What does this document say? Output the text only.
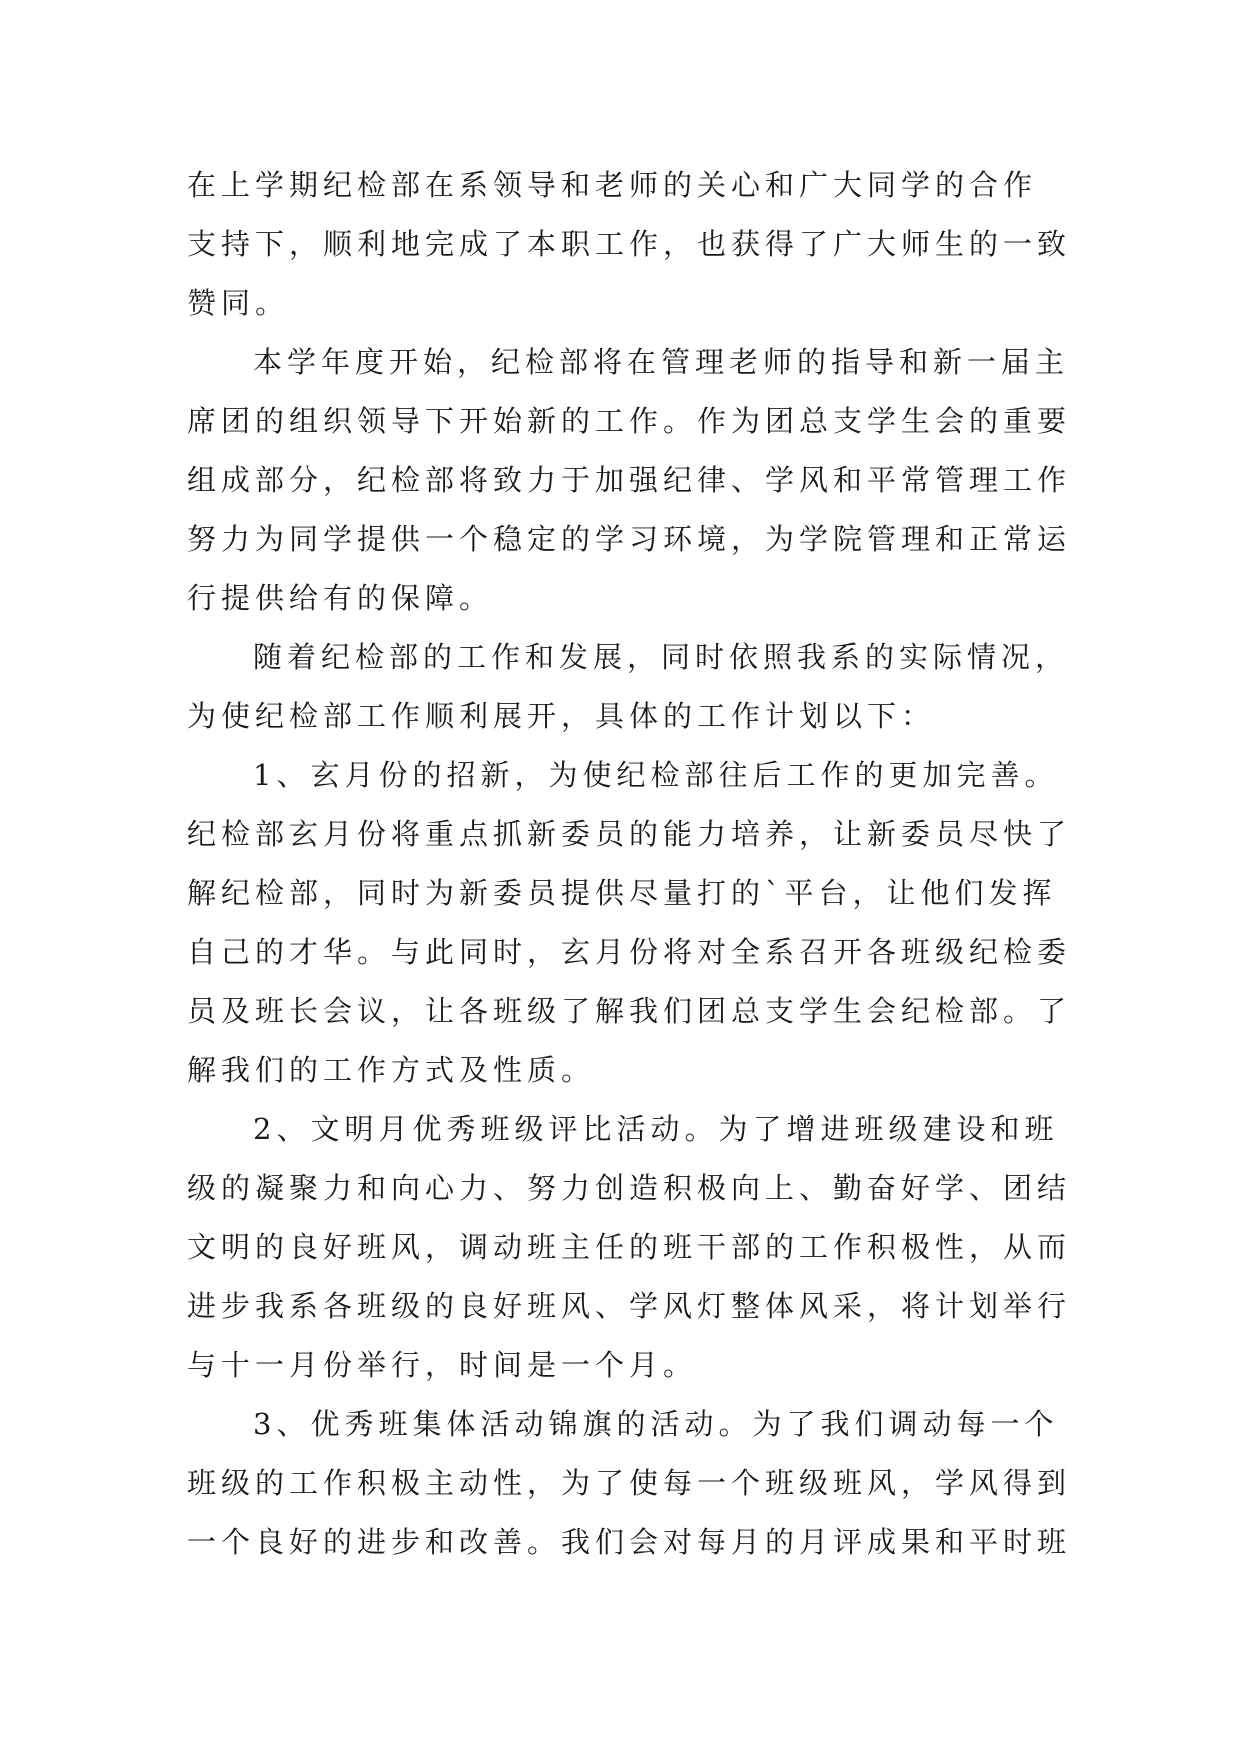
在上学期纪检部在系领导和老师的关心和广大同学的合作
支持下，顺利地完成了本职工作，也获得了广大师生的一致
赞同。
本学年度开始，纪检部将在管理老师的指导和新一届主
席团的组织领导下开始新的工作。作为团总支学生会的重要
组成部分，纪检部将致力于加强纪律、学风和平常管理工作
努力为同学提供一个稳定的学习环境，为学院管理和正常运
行提供给有的保障。
随着纪检部的工作和发展，同时依照我系的实际情况，
为使纪检部工作顺利展开，具体的工作计划以下：
1、玄月份的招新，为使纪检部往后工作的更加完善。
纪检部玄月份将重点抓新委员的能力培养，让新委员尽快了
解纪检部，同时为新委员提供尽量打的`平台，让他们发挥
自己的才华。与此同时，玄月份将对全系召开各班级纪检委
员及班长会议，让各班级了解我们团总支学生会纪检部。了
解我们的工作方式及性质。
2、文明月优秀班级评比活动。为了增进班级建设和班
级的凝聚力和向心力、努力创造积极向上、勤奋好学、团结
文明的良好班风，调动班主任的班干部的工作积极性，从而
进步我系各班级的良好班风、学风灯整体风采，将计划举行
与十一月份举行，时间是一个月。
3、优秀班集体活动锦旗的活动。为了我们调动每一个
班级的工作积极主动性，为了使每一个班级班风，学风得到
一个良好的进步和改善。我们会对每月的月评成果和平时班
